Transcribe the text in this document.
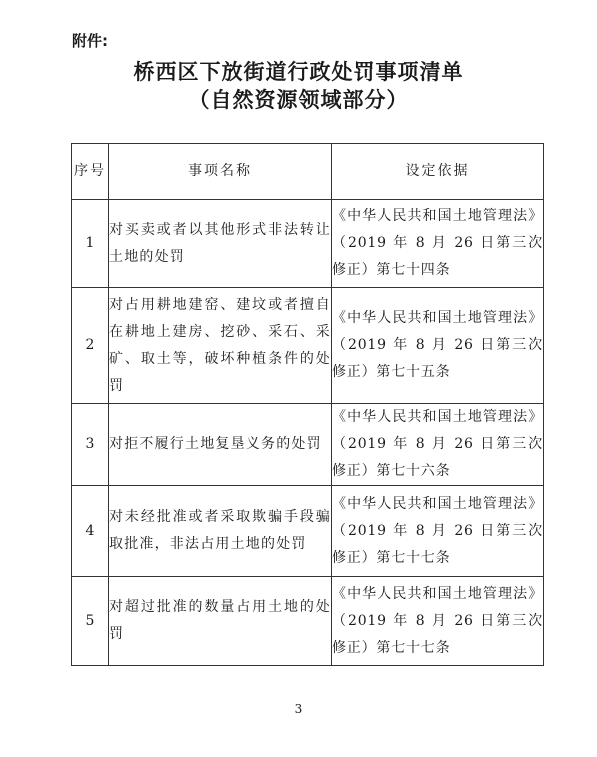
附件:
桥西区下放街道行政处罚事项清单
（自然资源领域部分）
序号	事项名称	设定依据
1	对买卖或者以其他形式非法转让土地的处罚	《中华人民共和国土地管理法》（2019 年 8 月 26 日第三次修正）第七十四条
2	对占用耕地建窑、建坟或者擅自在耕地上建房、挖砂、采石、采矿、取土等，破坏种植条件的处罚	《中华人民共和国土地管理法》（2019 年 8 月 26 日第三次修正）第七十五条
3	对拒不履行土地复垦义务的处罚	《中华人民共和国土地管理法》（2019 年 8 月 26 日第三次修正）第七十六条
4	对未经批准或者采取欺骗手段骗取批准，非法占用土地的处罚	《中华人民共和国土地管理法》（2019 年 8 月 26 日第三次修正）第七十七条
5	对超过批准的数量占用土地的处罚	《中华人民共和国土地管理法》（2019 年 8 月 26 日第三次修正）第七十七条
3
